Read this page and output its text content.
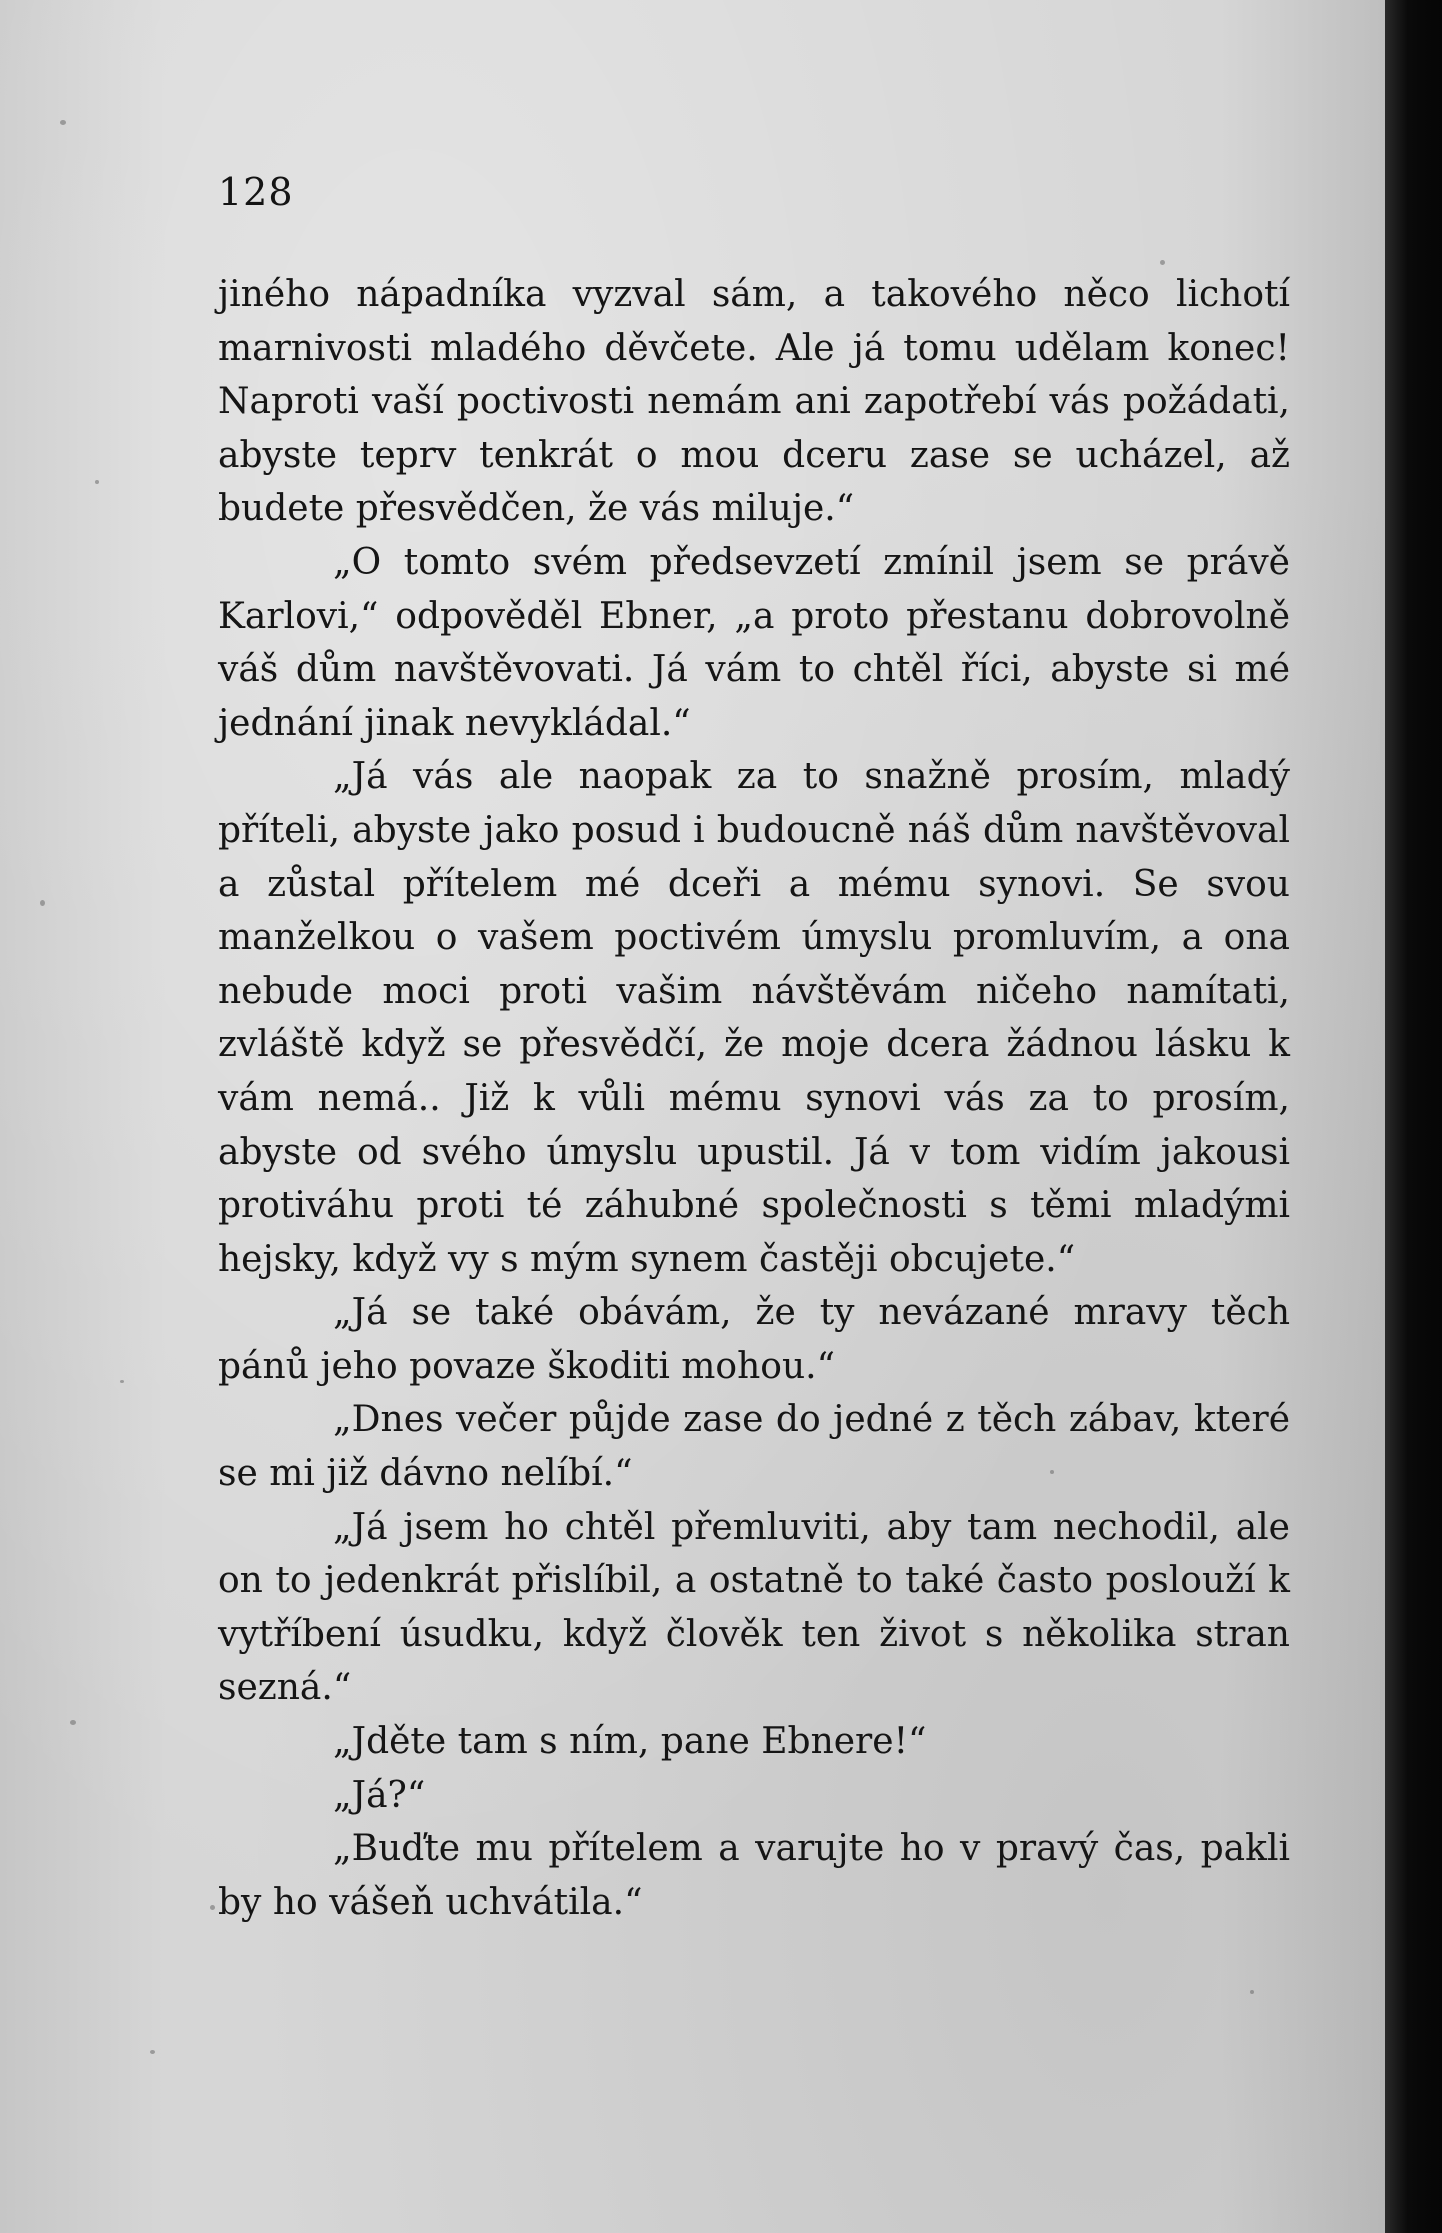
128

jiného nápadníka vyzval sám, a takového něco lichotí marnivosti mladého děvčete. Ale já tomu udělam konec! Naproti vaší poctivosti nemám ani zapotřebí vás požádati, abyste teprv tenkrát o mou dceru zase se ucházel, až budete přesvědčen, že vás miluje.“

„O tomto svém předsevzetí zmínil jsem se právě Karlovi,“ odpověděl Ebner, „a proto přestanu dobrovolně váš dům navštěvovati. Já vám to chtěl říci, abyste si mé jednání jinak nevykládal.“

„Já vás ale naopak za to snažně prosím, mladý příteli, abyste jako posud i budoucně náš dům navštěvoval a zůstal přítelem mé dceři a mému synovi. Se svou manželkou o vašem poctivém úmyslu promluvím, a ona nebude moci proti vašim návštěvám ničeho namítati, zvláště když se přesvědčí, že moje dcera žádnou lásku k vám nemá.. Již k vůli mému synovi vás za to prosím, abyste od svého úmyslu upustil. Já v tom vidím jakousi protiváhu proti té záhubné společnosti s těmi mladými hejsky, když vy s mým synem častěji obcujete.“

„Já se také obávám, že ty nevázané mravy těch pánů jeho povaze škoditi mohou.“

„Dnes večer půjde zase do jedné z těch zábav, které se mi již dávno nelíbí.“

„Já jsem ho chtěl přemluviti, aby tam nechodil, ale on to jedenkrát přislíbil, a ostatně to také často poslouží k vytříbení úsudku, když člověk ten život s několika stran sezná.“

„Jděte tam s ním, pane Ebnere!“

„Já?“

„Buďte mu přítelem a varujte ho v pravý čas, pakli by ho vášeň uchvátila.“
